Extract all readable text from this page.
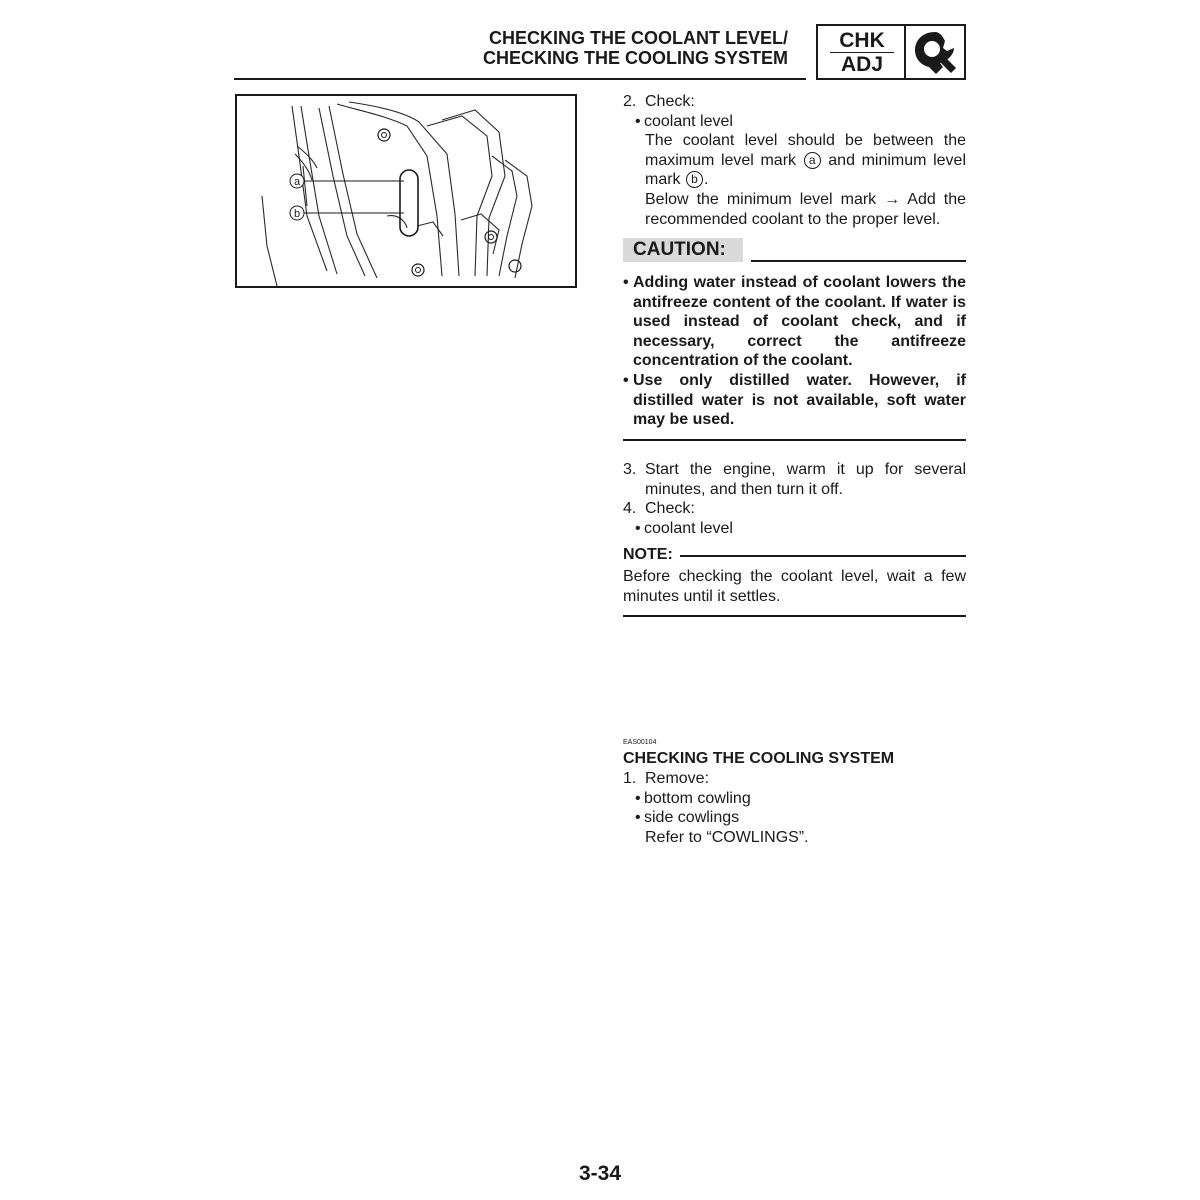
CHECKING THE COOLANT LEVEL/
CHECKING THE COOLING SYSTEM
CHK
ADJ
a
b
2. Check:
• coolant level
The coolant level should be between the maximum level mark a and minimum level mark b .
Below the minimum level mark → Add the recommended coolant to the proper level.
CAUTION:
• Adding water instead of coolant lowers the antifreeze content of the coolant. If water is used instead of coolant check, and if necessary, correct the antifreeze concentration of the coolant.
• Use only distilled water. However, if distilled water is not available, soft water may be used.
3. Start the engine, warm it up for several minutes, and then turn it off.
4. Check:
• coolant level
NOTE:
Before checking the coolant level, wait a few minutes until it settles.
EAS00104
CHECKING THE COOLING SYSTEM
1. Remove:
• bottom cowling
• side cowlings
Refer to “COWLINGS”.
3-34
